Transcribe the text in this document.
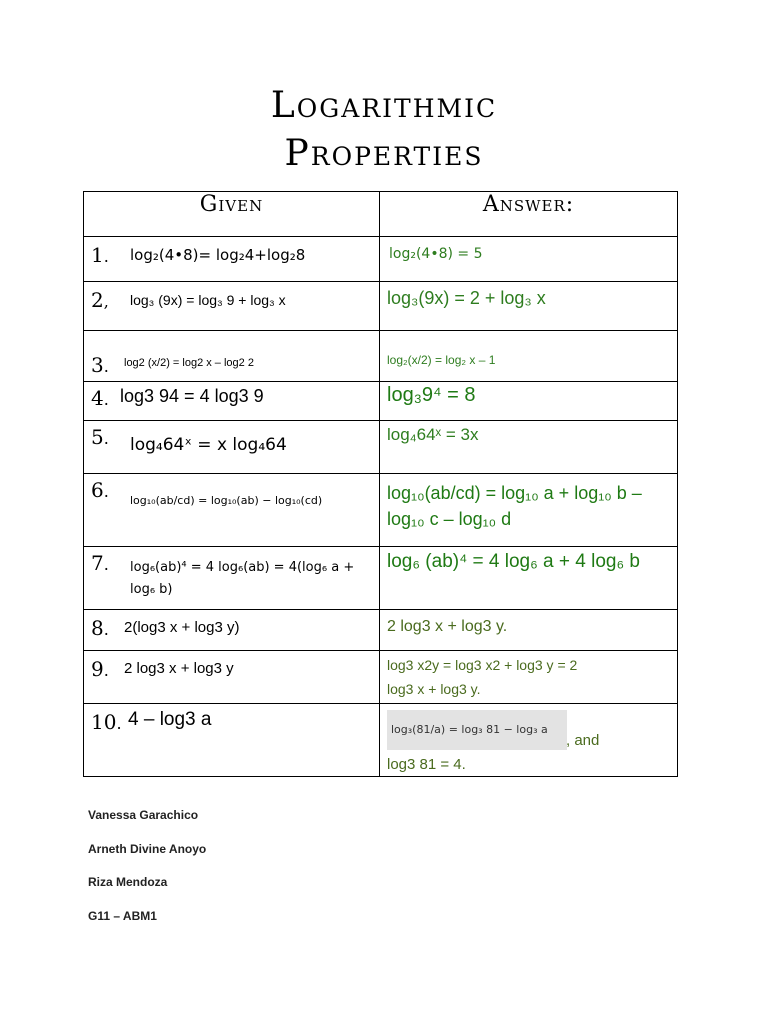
Logarithmic
Properties
Given	Answer:

1. log₂(4•8)= log₂4+log₂8	log₂(4•8) = 5

2, log₃ (9x) = log₃ 9 + log₃ x	log₃(9x) = 2 + log₃ x

3. log2 (x/2) = log2 x – log2 2	log₂(x/2) = log₂ x – 1

4. log3 94 = 4 log3 9	log₃9⁴ = 8

5. log₄64ˣ = x log₄64	log₄64ˣ = 3x

6. log₁₀(ab/cd) = log₁₀(ab) − log₁₀(cd)	log₁₀(ab/cd) = log₁₀ a + log₁₀ b – log₁₀ c – log₁₀ d

7. log₆(ab)⁴ = 4 log₆(ab) = 4(log₆ a + log₆ b)	log₆ (ab)⁴ = 4 log₆ a + 4 log₆ b

8. 2(log3 x + log3 y)	2 log3 x + log3 y.

9. 2 log3 x + log3 y	log3 x2y = log3 x2 + log3 y = 2
log3 x + log3 y.

10. 4 – log3 a	log₃(81/a) = log₃ 81 − log₃ a
, and
log3 81 = 4.
Vanessa Garachico
Arneth Divine Anoyo
Riza Mendoza
G11 – ABM1
